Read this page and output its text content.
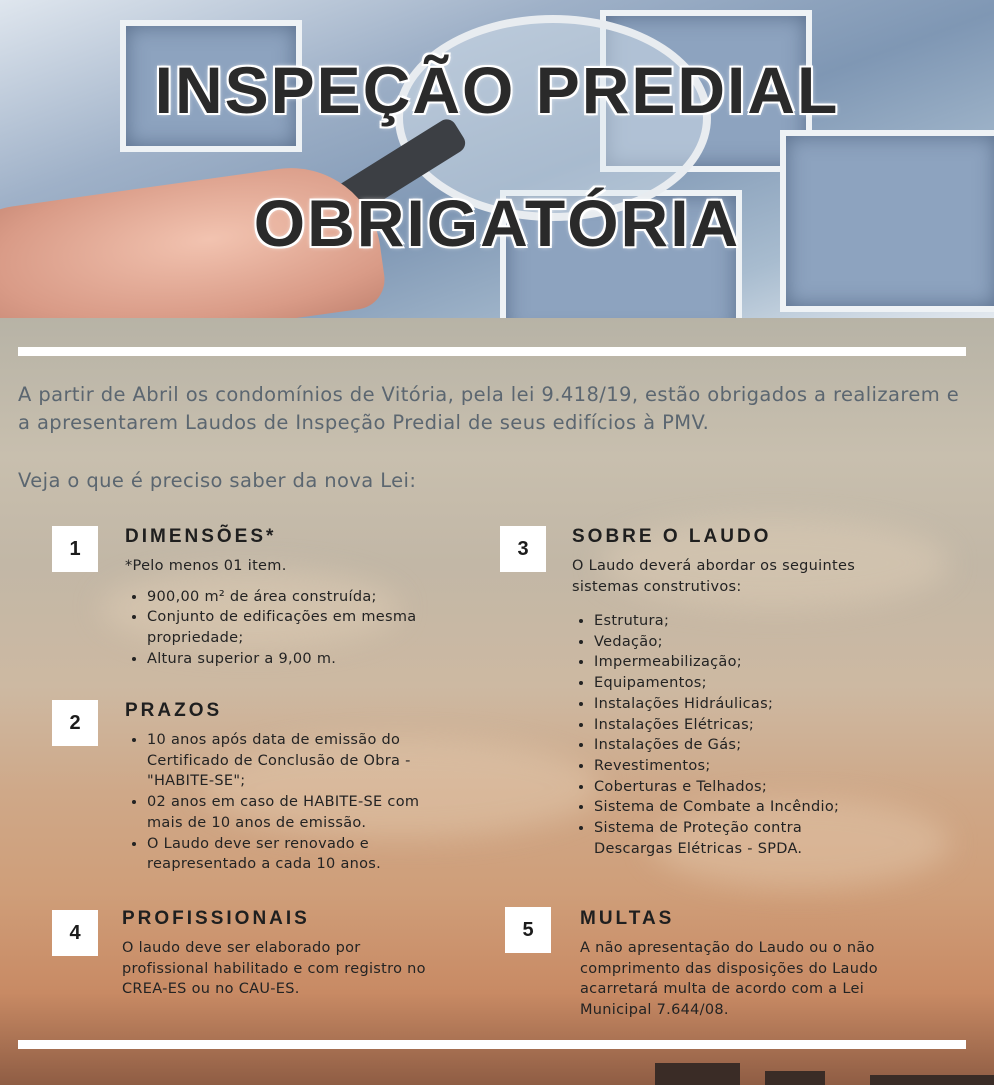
INSPEÇÃO PREDIAL
OBRIGATÓRIA
A partir de Abril os condomínios de Vitória, pela lei 9.418/19, estão obrigados a realizarem e a apresentarem Laudos de Inspeção Predial de seus edifícios à PMV.
Veja o que é preciso saber da nova Lei:
1
DIMENSÕES*

*Pelo menos 01 item.

• 900,00 m² de área construída;
• Conjunto de edificações em mesma propriedade;
• Altura superior a 9,00 m.
2
PRAZOS
• 10 anos após data de emissão do Certificado de Conclusão de Obra - "HABITE-SE";
• 02 anos em caso de HABITE-SE com mais de 10 anos de emissão.
• O Laudo deve ser renovado e reapresentado a cada 10 anos.
3
SOBRE O LAUDO

O Laudo deverá abordar os seguintes sistemas construtivos:

• Estrutura;
• Vedação;
• Impermeabilização;
• Equipamentos;
• Instalações Hidráulicas;
• Instalações Elétricas;
• Instalações de Gás;
• Revestimentos;
• Coberturas e Telhados;
• Sistema de Combate a Incêndio;
• Sistema de Proteção contra Descargas Elétricas - SPDA.
4
PROFISSIONAIS

O laudo deve ser elaborado por profissional habilitado e com registro no CREA-ES ou no CAU-ES.

5	MULTAS

A não apresentação do Laudo ou o não comprimento das disposições do Laudo acarretará multa de acordo com a Lei Municipal 7.644/08.
